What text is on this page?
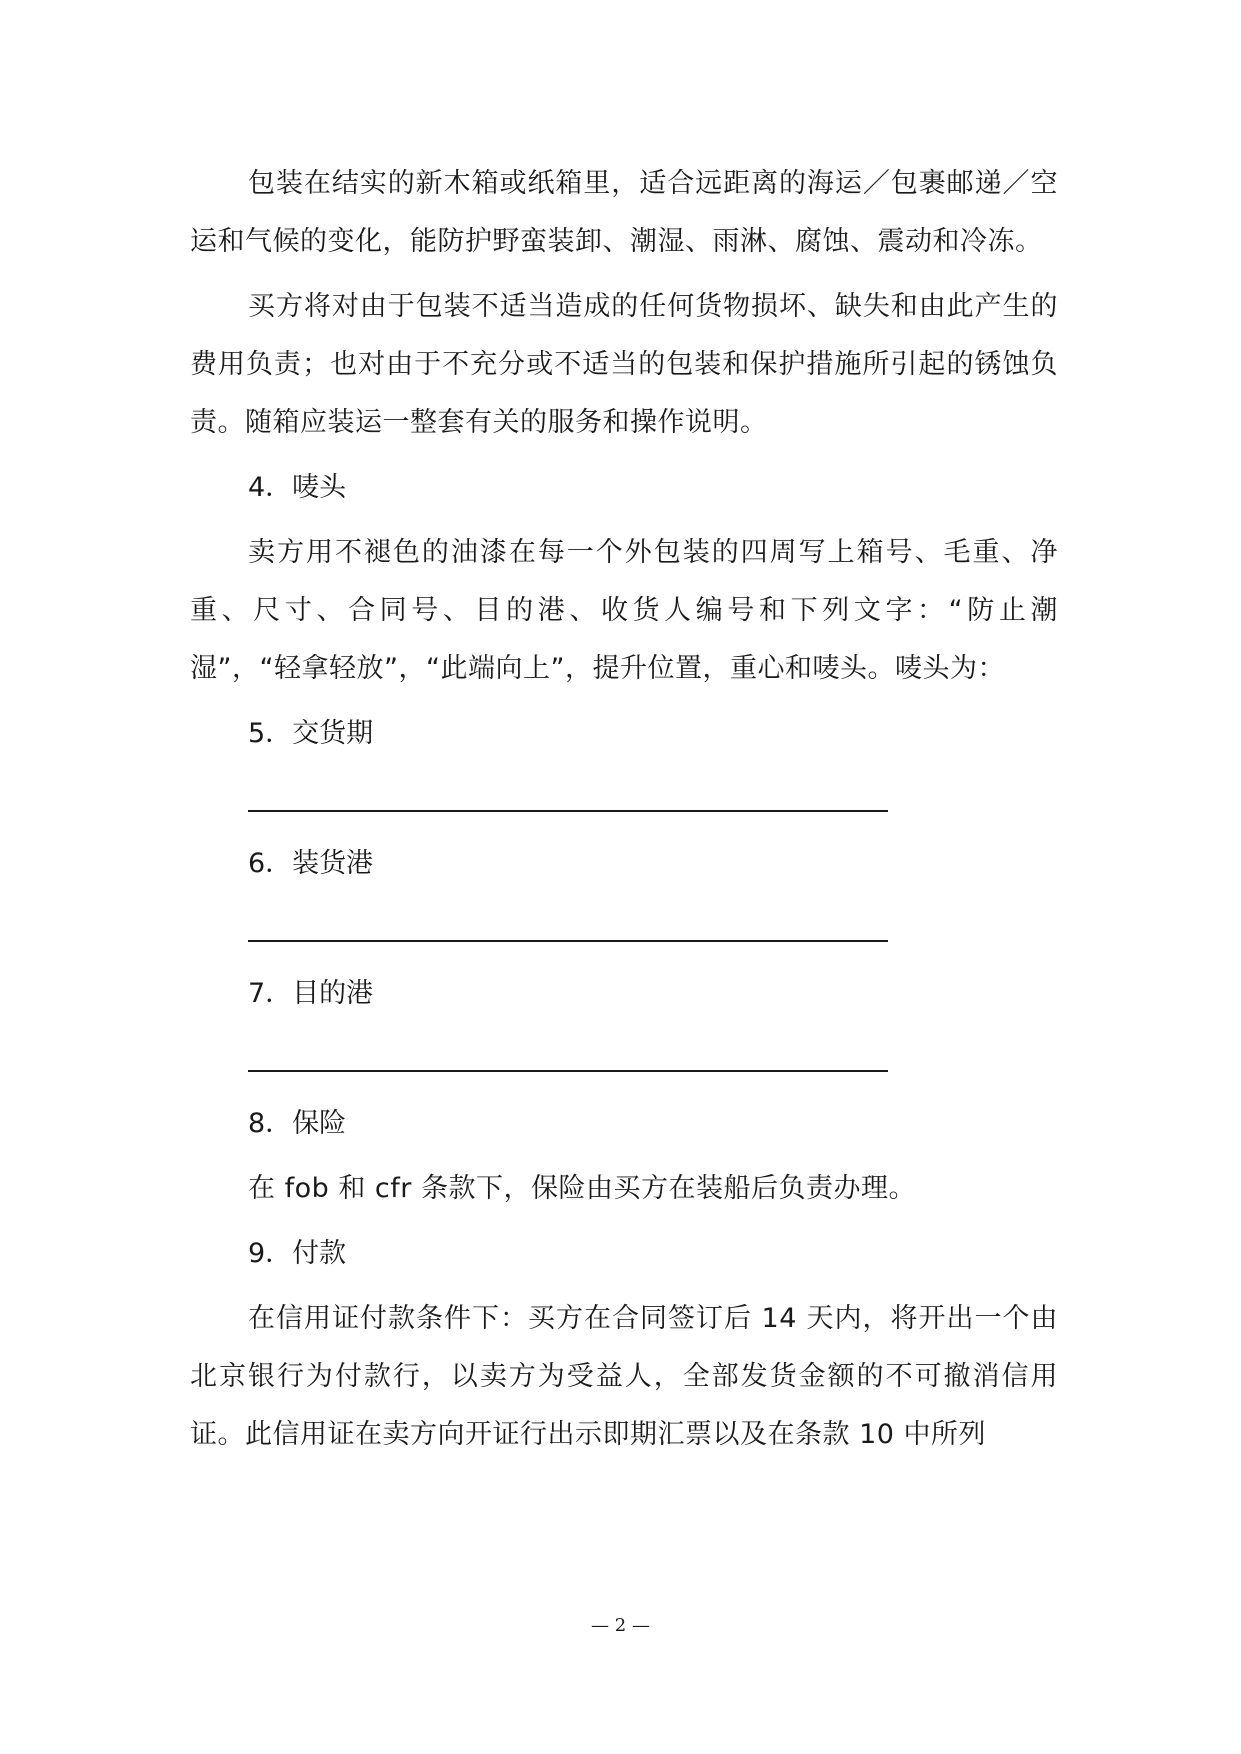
包装在结实的新木箱或纸箱里，适合远距离的海运／包裹邮递／空运和气候的变化，能防护野蛮装卸、潮湿、雨淋、腐蚀、震动和冷冻。

买方将对由于包装不适当造成的任何货物损坏、缺失和由此产生的费用负责；也对由于不充分或不适当的包装和保护措施所引起的锈蚀负责。随箱应装运一整套有关的服务和操作说明。

4．唛头

卖方用不褪色的油漆在每一个外包装的四周写上箱号、毛重、净重、尺寸、合同号、目的港、收货人编号和下列文字：“防止潮湿”，“轻拿轻放”，“此端向上”，提升位置，重心和唛头。唛头为：

5．交货期

6．装货港

7．目的港

8．保险

在 fob 和 cfr 条款下，保险由买方在装船后负责办理。

9．付款

在信用证付款条件下：买方在合同签订后 14 天内，将开出一个由北京银行为付款行，以卖方为受益人，全部发货金额的不可撤消信用证。此信用证在卖方向开证行出示即期汇票以及在条款 10 中所列

— 2 —
